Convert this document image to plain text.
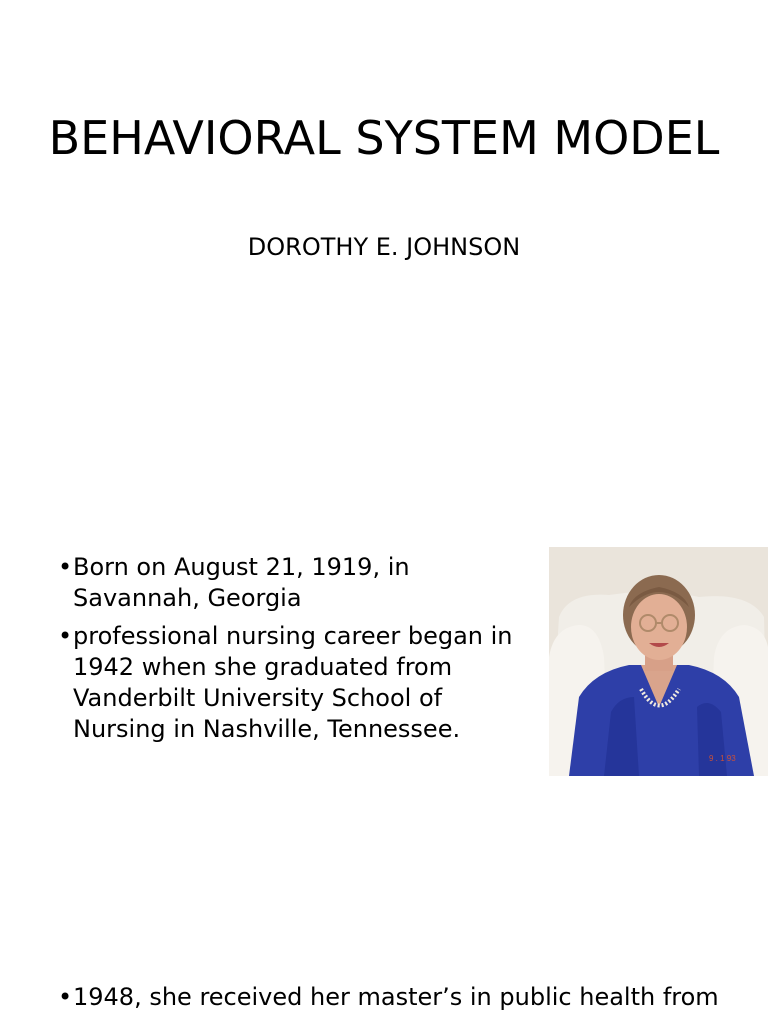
BEHAVIORAL SYSTEM MODEL
DOROTHY E. JOHNSON
• Born on August 21, 1919, in Savannah, Georgia
• professional nursing career began in 1942 when she graduated from Vanderbilt University School of Nursing in Nashville, Tennessee.
9 . 1 93
• 1948, she received her master’s in public health from
